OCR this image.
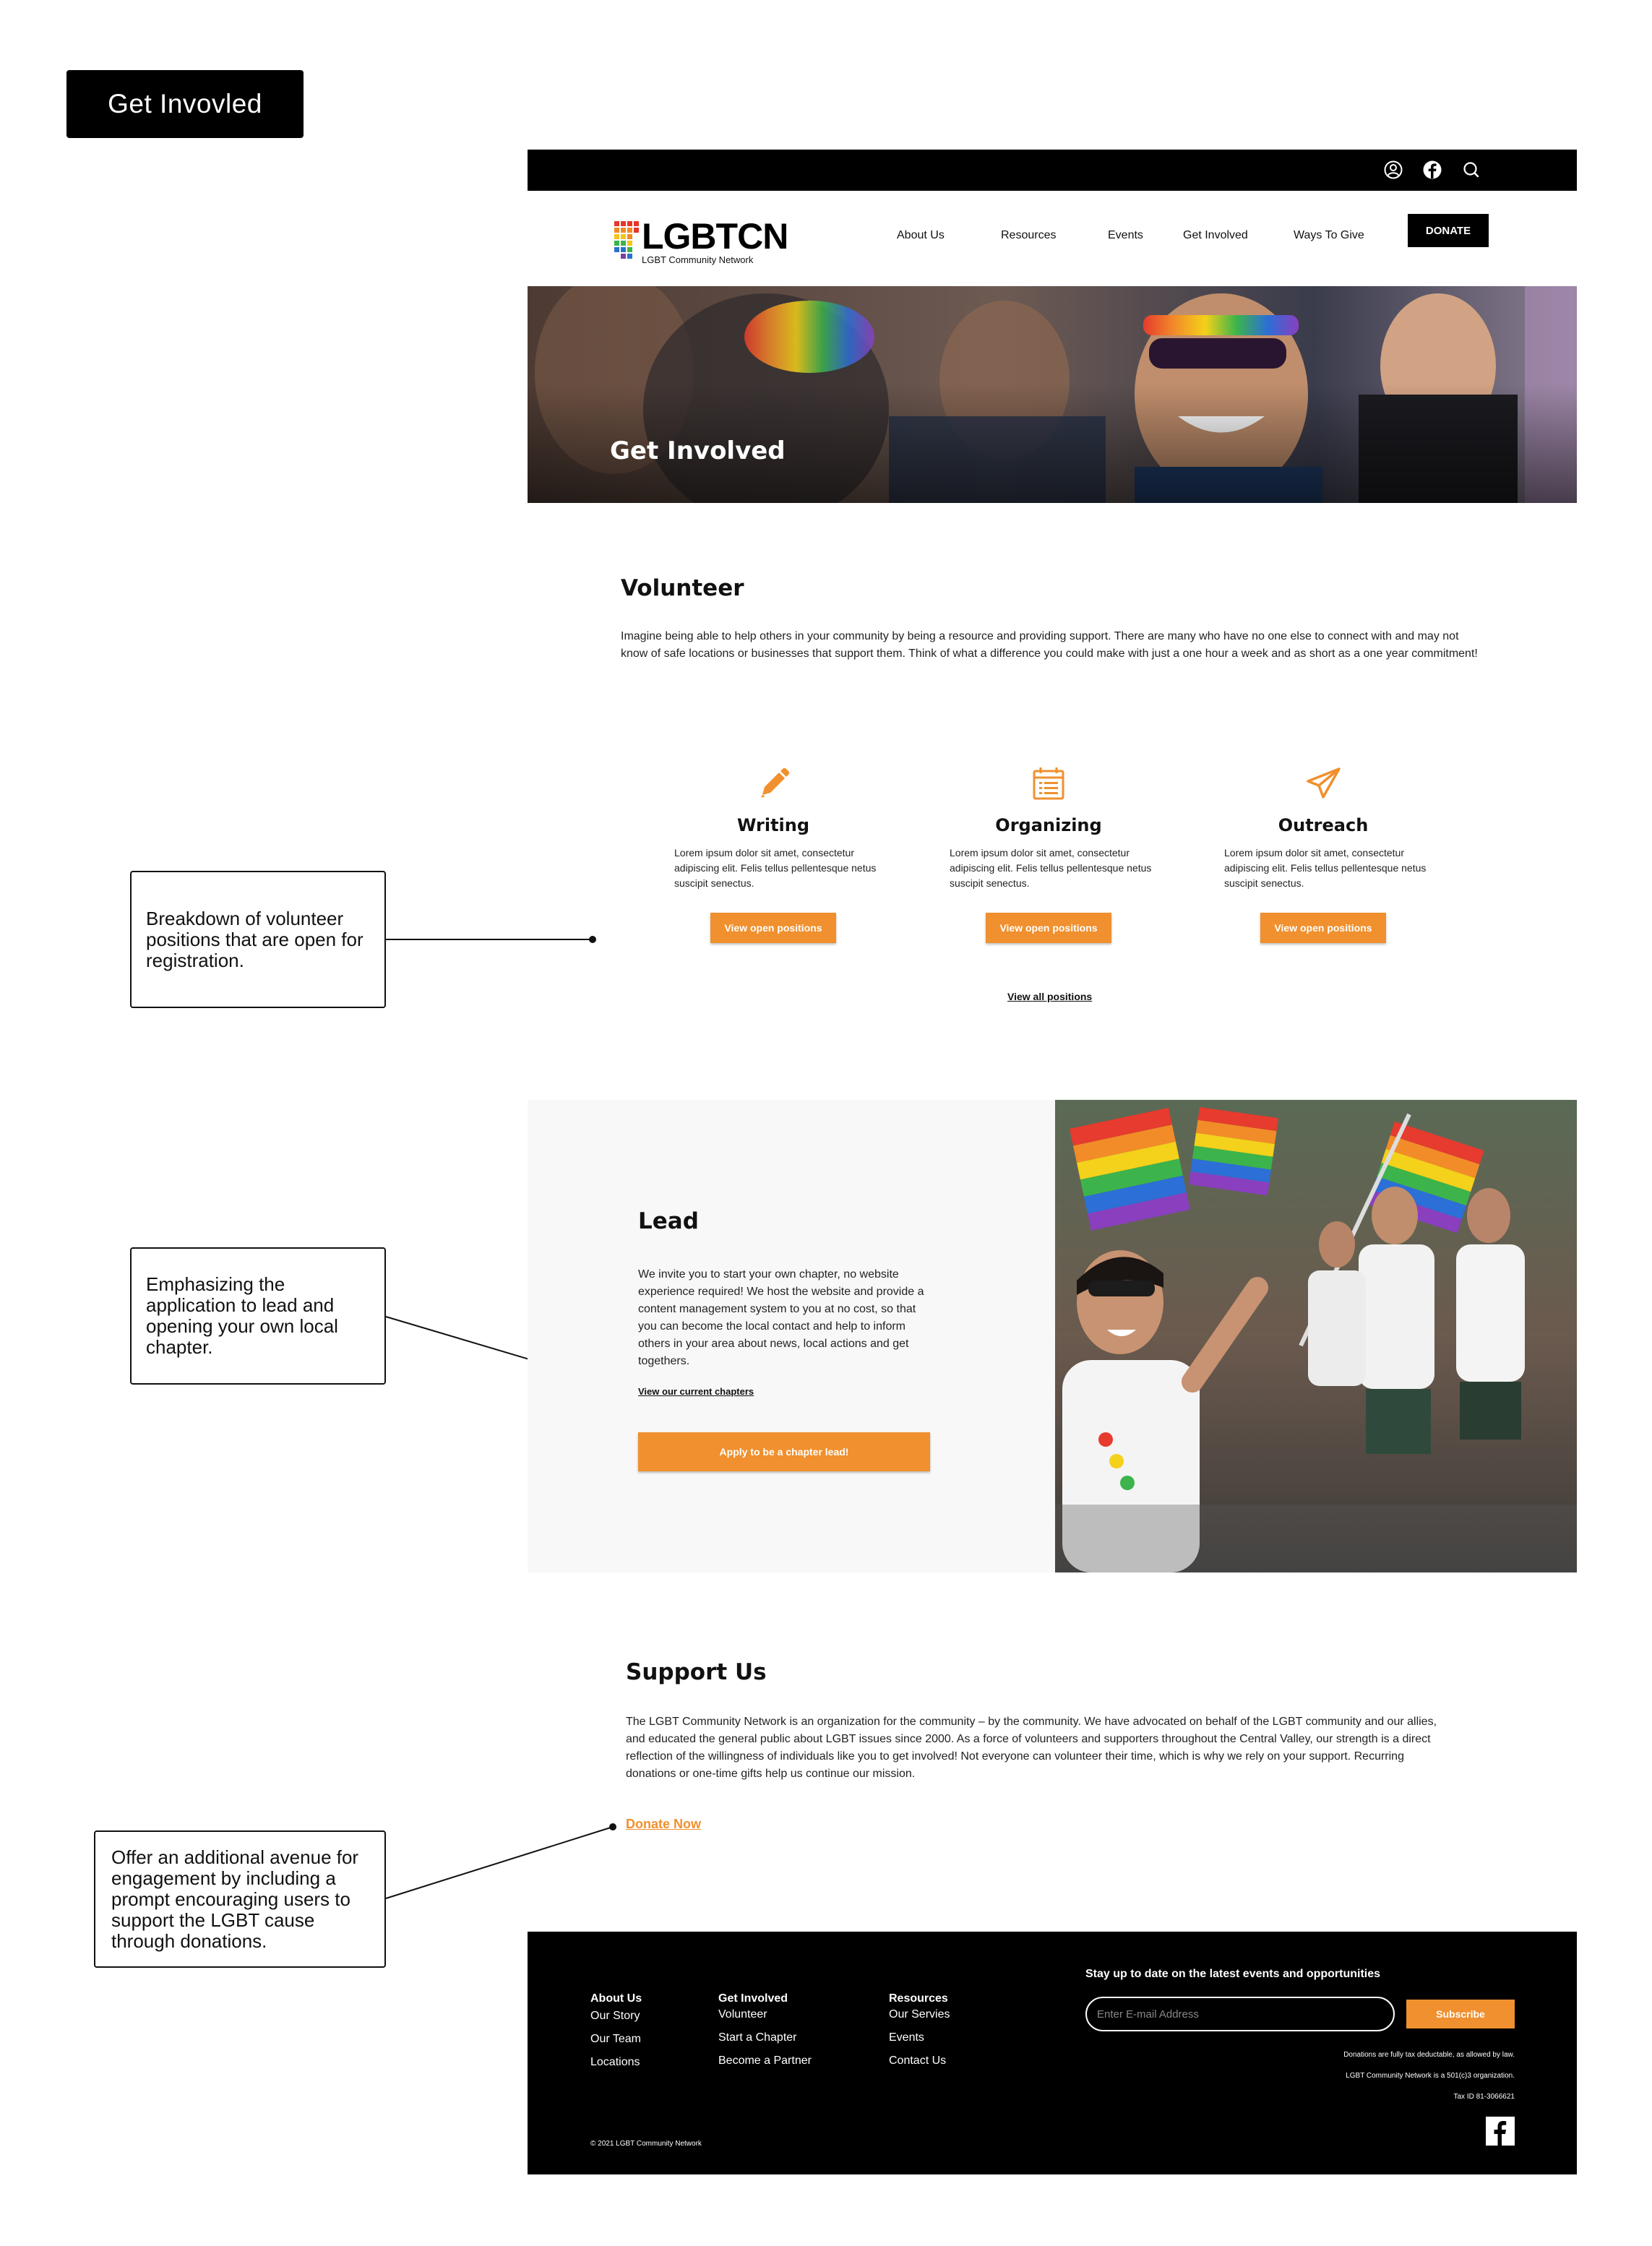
Get Invovled
Breakdown of volunteer positions that are open for registration.
Emphasizing the application to lead and opening your own local chapter.
Offer an additional avenue for engagement by including a prompt encouraging users to support the LGBT cause through donations.
LGBTCN
LGBT Community Network
About Us	Resources	Events	Get Involved	Ways To Give	DONATE
Get Involved
Volunteer
Imagine being able to help others in your community by being a resource and providing support. There are many who have no one else to connect with and may not know of safe locations or businesses that support them. Think of what a difference you could make with just a one hour a week and as short as a one year commitment!
Writing
Lorem ipsum dolor sit amet, consectetur adipiscing elit. Felis tellus pellentesque netus suscipit senectus.
View open positions
Organizing
Lorem ipsum dolor sit amet, consectetur adipiscing elit. Felis tellus pellentesque netus suscipit senectus.
View open positions
Outreach
Lorem ipsum dolor sit amet, consectetur adipiscing elit. Felis tellus pellentesque netus suscipit senectus.
View open positions
View all positions
Lead
We invite you to start your own chapter, no website experience required! We host the website and provide a content management system to you at no cost, so that you can become the local contact and help to inform others in your area about news, local actions and get togethers.
View our current chapters
Apply to be a chapter lead!
Support Us
The LGBT Community Network is an organization for the community – by the community. We have advocated on behalf of the LGBT community and our allies, and educated the general public about LGBT issues since 2000. As a force of volunteers and supporters throughout the Central Valley, our strength is a direct reflection of the willingness of individuals like you to get involved! Not everyone can volunteer their time, which is why we rely on your support. Recurring donations or one-time gifts help us continue our mission.
Donate Now
About Us
Our Story
Our Team
Locations
Get Involved
Volunteer
Start a Chapter
Become a Partner
Resources
Our Servies
Events
Contact Us
Stay up to date on the latest events and opportunities
Enter E-mail Address	Subscribe
Donations are fully tax deductable, as allowed by law.
LGBT Community Network is a 501(c)3 organization.
Tax ID 81-3066621
© 2021 LGBT Community Network
